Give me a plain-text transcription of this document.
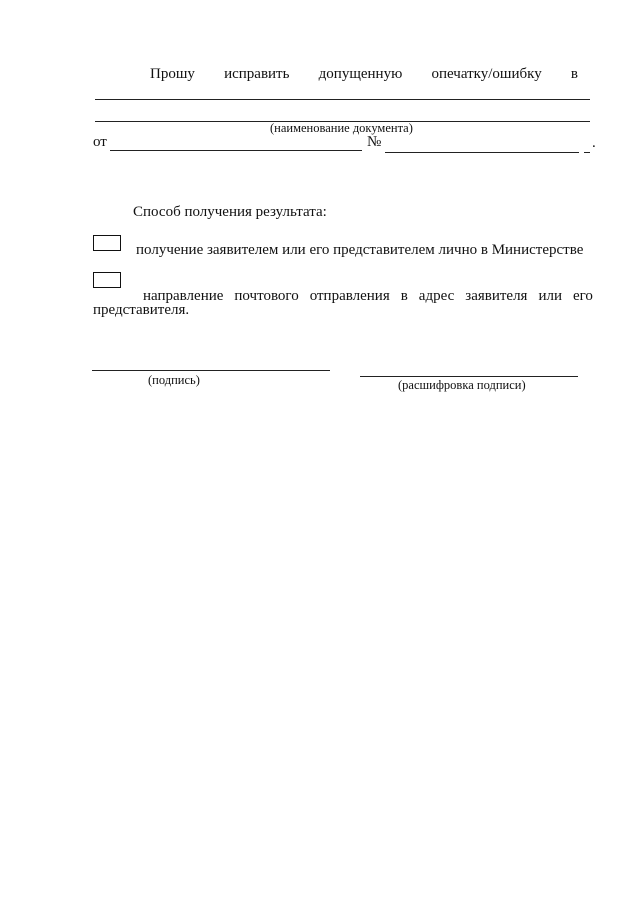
Прошу исправить допущенную опечатку/ошибку в
(наименование документа)
от	№	.
Способ получения результата:
получение заявителем или его представителем лично в Министерстве
направление почтового отправления в адрес заявителя или его
представителя.
(подпись)	(расшифровка подписи)
